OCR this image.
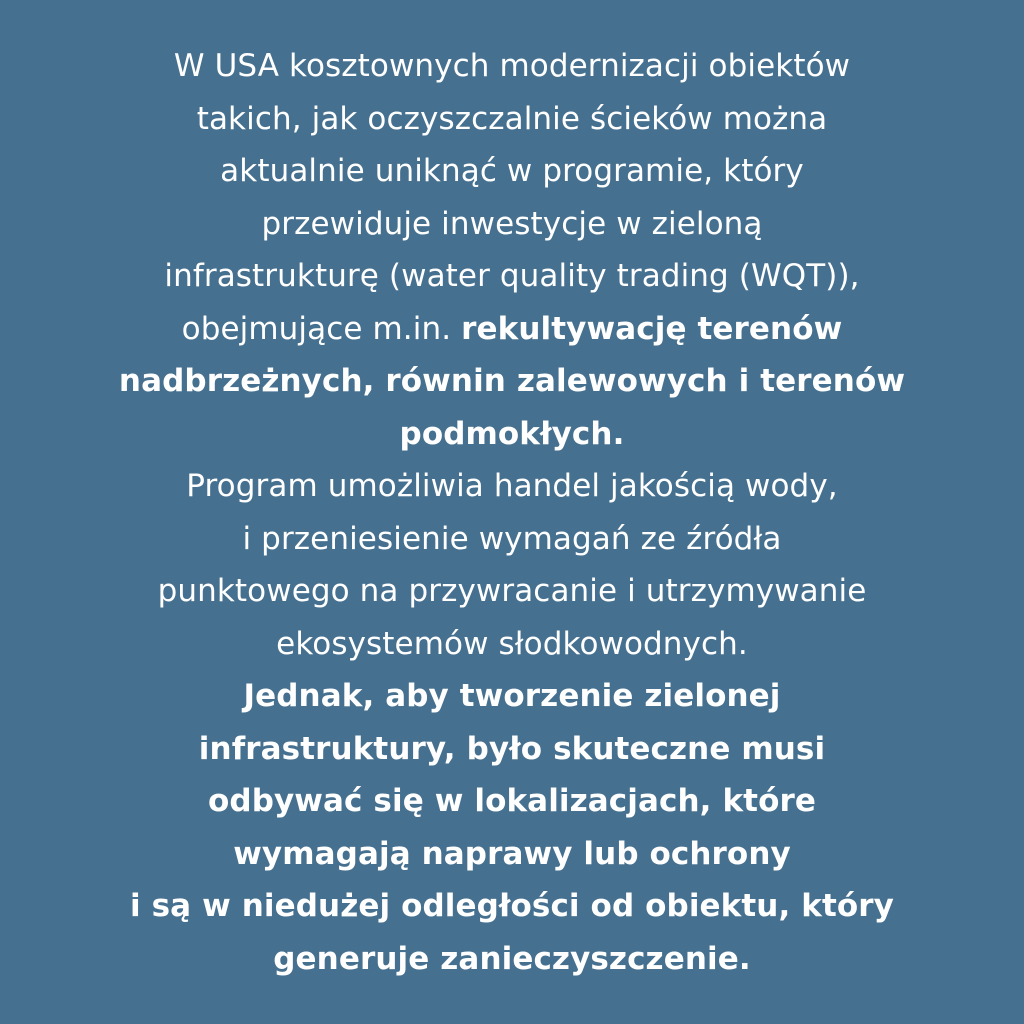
W USA kosztownych modernizacji obiektów
takich, jak oczyszczalnie ścieków można
aktualnie uniknąć w programie, który
przewiduje inwestycje w zieloną
infrastrukturę (water quality trading (WQT)),
obejmujące m.in. rekultywację terenów
nadbrzeżnych, równin zalewowych i terenów
podmokłych.
Program umożliwia handel jakością wody,
i przeniesienie wymagań ze źródła
punktowego na przywracanie i utrzymywanie
ekosystemów słodkowodnych.
Jednak, aby tworzenie zielonej
infrastruktury, było skuteczne musi
odbywać się w lokalizacjach, które
wymagają naprawy lub ochrony
i są w niedużej odległości od obiektu, który
generuje zanieczyszczenie.
